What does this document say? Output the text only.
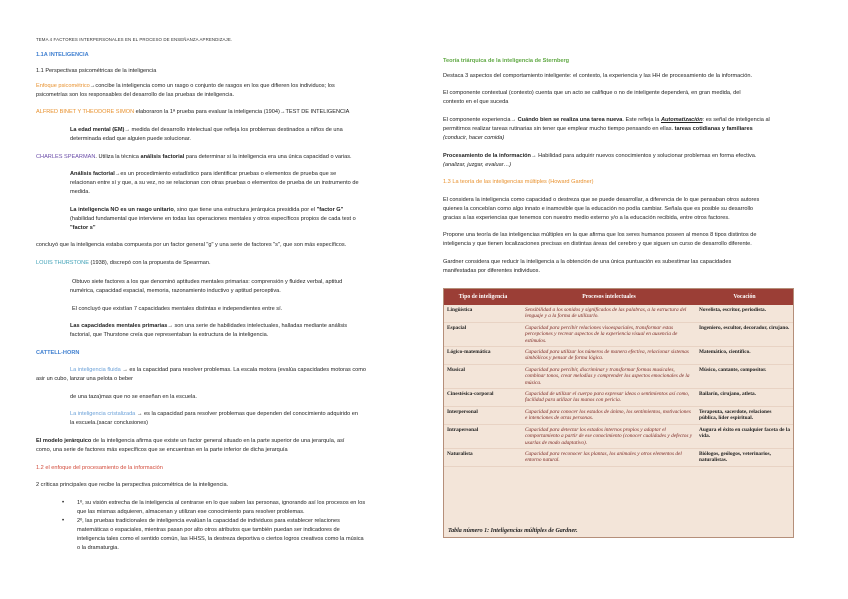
TEMA 4 FACTORES INTERPERSONALES EN EL PROCESO DE ENSEÑANZA APRENDIZAJE.
1.1A INTELIGENCIA
1.1 Perspectivas psicométricas de la inteligencia
Enfoque psicométrico→concibe la inteligencia como un rasgo o conjunto de rasgos en los que difieren los individuos; los
psicometrías son los responsables del desarrollo de las pruebas de inteligencia.
ALFRED BINET Y THEODORE SIMON elaboraron la 1ª prueba para evaluar la inteligencia (1904)→TEST DE INTELIGENCIA
La edad mental (EM)→ medida del desarrollo intelectual que refleja los problemas destinados a niños de una
determinada edad que alguien puede solucionar.
CHARLES SPEARMAN. Utiliza la técnica análisis factorial para determinar si la inteligencia era una única capacidad o varias.
Análisis factorial→es un procedimiento estadístico para identificar pruebas o elementos de prueba que se
relacionan entre sí y que, a su vez, no se relacionan con otras pruebas o elementos de prueba de un instrumento de
medida.
La inteligencia NO es un rasgo unitario, sino que tiene una estructura jerárquica presidida por el "factor G"
(habilidad fundamental que interviene en todas las operaciones mentales y otros específicos propios de cada test o
"factor s"
concluyó que la inteligencia estaba compuesta por un factor general "g" y una serie de factores "s", que son más específicos.
LOUIS THURSTONE (1938), discrepó con la propuesta de Spearman.
Obtuvo siete factores a los que denominó aptitudes mentales primarias: comprensión y fluidez verbal, aptitud
numérica, capacidad espacial, memoria, razonamiento inductivo y aptitud perceptiva.
El concluyó que existían 7 capacidades mentales distintas e independientes entre sí.
Las capacidades mentales primarias→ son una serie de habilidades intelectuales, halladas mediante análisis
factorial, que Thurstone creía que representaban la estructura de la inteligencia.
CATTELL-HORN
La inteligencia fluida → es la capacidad para resolver problemas. La escala motora (evalúa capacidades motoras como
asir un cubo, lanzar una pelota o beber
de una taza)mas que no se enseñan en la escuela.
La inteligencia cristalizada → es la capacidad para resolver problemas que dependen del conocimiento adquirido en
la escuela.(sacar conclusiones)
El modelo jerárquico de la inteligencia afirma que existe un factor general situado en la parte superior de una jerarquía, así
como, una serie de factores más específicos que se encuentran en la parte inferior de dicha jerarquía
1.2 el enfoque del procesamiento de la información
2 críticas principales que recibe la perspectiva psicométrica de la inteligencia.
• 1º, su visión estrecha de la inteligencia al centrarse en lo que saben las personas, ignorando así los procesos en los
que las mismas adquieren, almacenan y utilizan ese conocimiento para resolver problemas.
• 2º, las pruebas tradicionales de inteligencia evalúan la capacidad de individuos para establecer relaciones
matemáticas o espaciales, mientras pasan por alto otros atributos que también puedan ser indicadores de
inteligencia tales como el sentido común, las HHSS, la destreza deportiva o ciertos logros creativos como la música
o la dramaturgia.
Teoría triárquica de la inteligencia de Sternberg
Destaca 3 aspectos del comportamiento inteligente: el contexto, la experiencia y las HH de procesamiento de la información.
El componente contextual (contexto) cuenta que un acto se califique o no de inteligente dependerá, en gran medida, del
contexto en el que suceda
El componente experiencia→ Cuándo bien se realiza una tarea nueva. Este refleja la Automatización: es señal de inteligencia al
permitirnos realizar tareas rutinarias sin tener que emplear mucho tiempo pensando en ellas. tareas cotidianas y familiares
(conducir, hacer comida)
Procesamiento de la información→ Habilidad para adquirir nuevos conocimientos y solucionar problemas en forma efectiva.
(analizar, juzgar, evaluar…)
1.3 La teoría de las inteligencias múltiples (Howard Gardner)
El considera la inteligencia como capacidad o destreza que se puede desarrollar, a diferencia de lo que pensaban otros autores
quienes la concebían como algo innato e inamovible que la educación no podía cambiar. Señala que es posible su desarrollo
gracias a las experiencias que tenemos con nuestro medio externo y/o a la educación recibida, entre otros factores.
Propone una teoría de las inteligencias múltiples en la que afirma que los seres humanos poseen al menos 8 tipos distintos de
inteligencia y que tienen localizaciones precisas en distintas áreas del cerebro y que siguen un curso de desarrollo diferente.
Gardner considera que reducir la inteligencia a la obtención de una única puntuación es subestimar las capacidades
manifestadas por diferentes individuos.
Tipo de inteligencia	Procesos intelectuales	Vocación
Lingüística	Sensibilidad a los sonidos y significados de las palabras, a la estructura del lenguaje y a la forma de utilizarlo.	Novelista, escritor, periodista.
Espacial	Capacidad para percibir relaciones visoespaciales, transformar estas percepciones y recrear aspectos de la experiencia visual en ausencia de estímulos.	Ingeniero, escultor, decorador, cirujano.
Lógico-matemática	Capacidad para utilizar los números de manera efectiva, relacionar sistemas simbólicos y pensar de forma lógica.	Matemático, científico.
Musical	Capacidad para percibir, discriminar y transformar formas musicales, combinar tonos, crear melodías y comprender los aspectos emocionales de la música.	Músico, cantante, compositor.
Cinestésica-corporal	Capacidad de utilizar el cuerpo para expresar ideas o sentimientos así como, facilidad para utilizar las manos con pericia.	Bailarín, cirujano, atleta.
Interpersonal	Capacidad para conocer los estados de ánimo, los sentimientos, motivaciones e intenciones de otras personas.	Terapeuta, sacerdote, relaciones pública, líder espiritual.
Intrapersonal	Capacidad para detectar los estados internos propios y adaptar el comportamiento a partir de ese conocimiento (conocer cualidades y defectos y usarlas de modo adaptativo).	Augura el éxito en cualquier faceta de la vida.
Naturalista	Capacidad para reconocer las plantas, los animales y otros elementos del entorno natural.	Biólogos, geólogos, veterinarios, naturalistas.
Tabla número 1: Inteligencias múltiples de Gardner.
